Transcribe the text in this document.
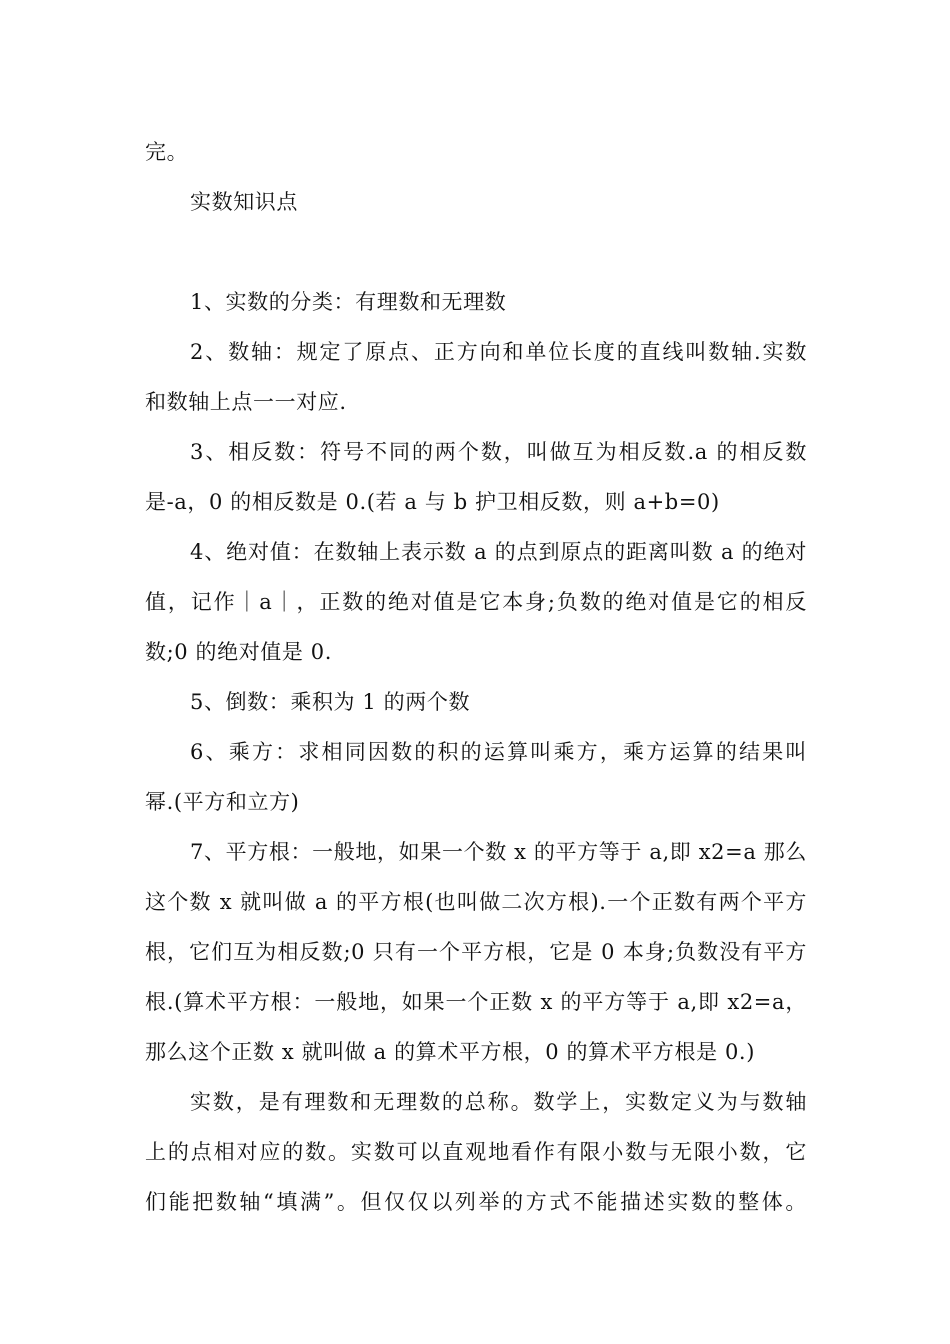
完。
实数知识点
1、实数的分类：有理数和无理数
2、数轴：规定了原点、正方向和单位长度的直线叫数轴.实数
和数轴上点一一对应.
3、相反数：符号不同的两个数，叫做互为相反数.a 的相反数
是-a，0 的相反数是 0.(若 a 与 b 护卫相反数，则 a+b=0)
4、绝对值：在数轴上表示数 a 的点到原点的距离叫数 a 的绝对
值，记作｜a｜，正数的绝对值是它本身;负数的绝对值是它的相反
数;0 的绝对值是 0.
5、倒数：乘积为 1 的两个数
6、乘方：求相同因数的积的运算叫乘方，乘方运算的结果叫
幂.(平方和立方)
7、平方根：一般地，如果一个数 x 的平方等于 a,即 x2=a 那么
这个数 x 就叫做 a 的平方根(也叫做二次方根).一个正数有两个平方
根，它们互为相反数;0 只有一个平方根，它是 0 本身;负数没有平方
根.(算术平方根：一般地，如果一个正数 x 的平方等于 a,即 x2=a，
那么这个正数 x 就叫做 a 的算术平方根，0 的算术平方根是 0.)
实数，是有理数和无理数的总称。数学上，实数定义为与数轴
上的点相对应的数。实数可以直观地看作有限小数与无限小数，它
们能把数轴“填满”。但仅仅以列举的方式不能描述实数的整体。
